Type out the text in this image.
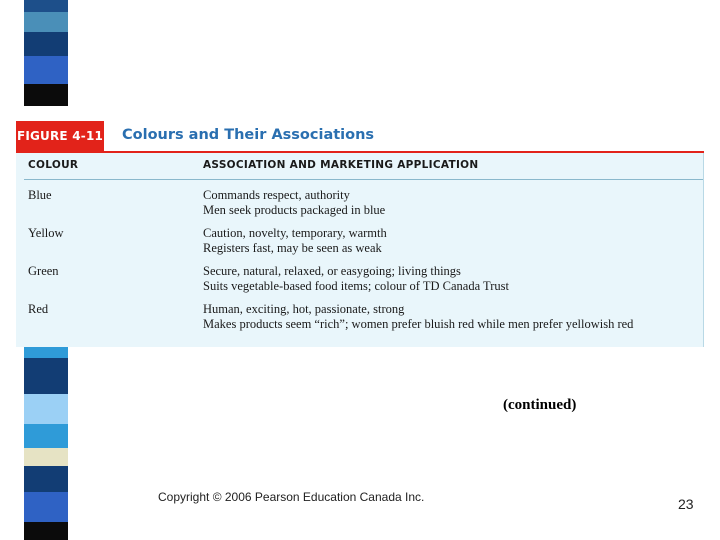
FIGURE 4-11 Colours and Their Associations
COLOUR	ASSOCIATION AND MARKETING APPLICATION
Blue	Commands respect, authority
Men seek products packaged in blue
Yellow	Caution, novelty, temporary, warmth
Registers fast, may be seen as weak
Green	Secure, natural, relaxed, or easygoing; living things
Suits vegetable-based food items; colour of TD Canada Trust
Red	Human, exciting, hot, passionate, strong
Makes products seem “rich”; women prefer bluish red while men prefer yellowish red
(continued)
Copyright © 2006 Pearson Education Canada Inc.	23
